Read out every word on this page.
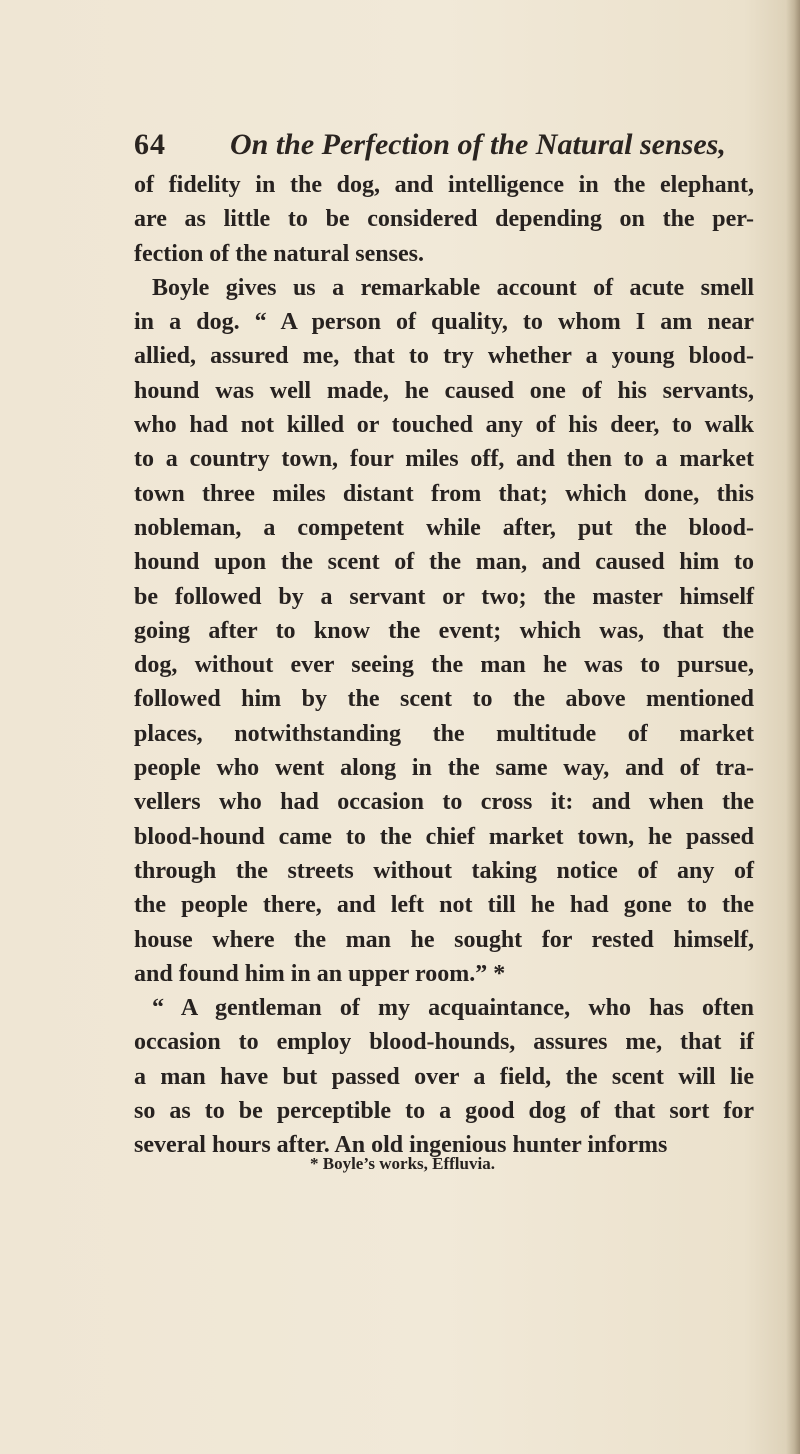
64 On the Perfection of the Natural senses,
of fidelity in the dog, and intelligence in the elephant,
are as little to be considered depending on the per-
fection of the natural senses.
Boyle gives us a remarkable account of acute smell
in a dog. “ A person of quality, to whom I am near
allied, assured me, that to try whether a young blood-
hound was well made, he caused one of his servants,
who had not killed or touched any of his deer, to walk
to a country town, four miles off, and then to a market
town three miles distant from that; which done, this
nobleman, a competent while after, put the blood-
hound upon the scent of the man, and caused him to
be followed by a servant or two; the master himself
going after to know the event; which was, that the
dog, without ever seeing the man he was to pursue,
followed him by the scent to the above mentioned
places, notwithstanding the multitude of market
people who went along in the same way, and of tra-
vellers who had occasion to cross it: and when the
blood-hound came to the chief market town, he passed
through the streets without taking notice of any of
the people there, and left not till he had gone to the
house where the man he sought for rested himself,
and found him in an upper room.” *
“ A gentleman of my acquaintance, who has often
occasion to employ blood-hounds, assures me, that if
a man have but passed over a field, the scent will lie
so as to be perceptible to a good dog of that sort for
several hours after. An old ingenious hunter informs
* Boyle’s works, Effluvia.
